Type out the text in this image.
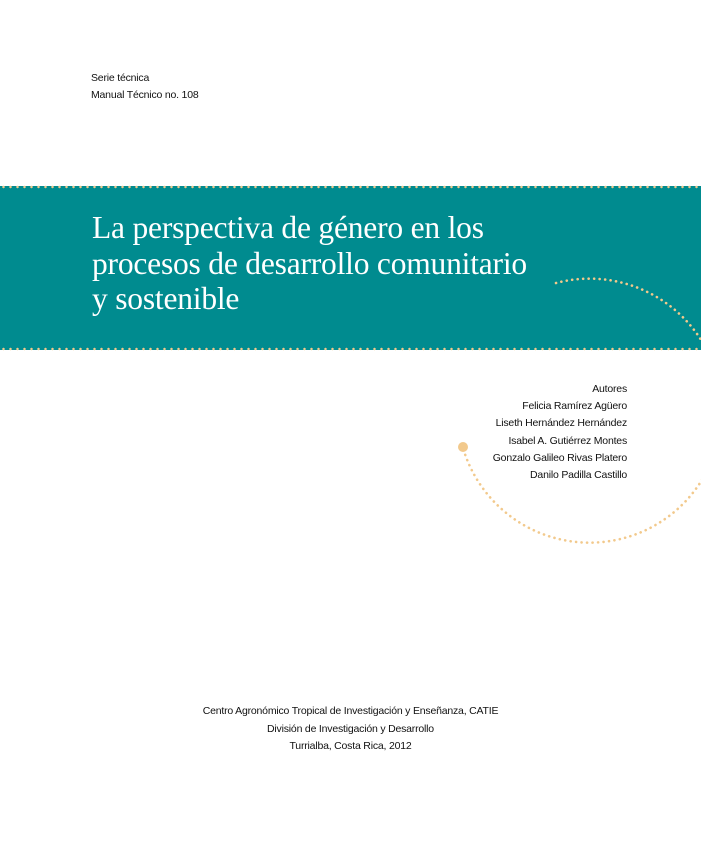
Serie técnica
Manual Técnico no. 108
La perspectiva de género en los
procesos de desarrollo comunitario
y sostenible
Autores
Felicia Ramírez Agüero
Liseth Hernández Hernández
Isabel A. Gutiérrez Montes
Gonzalo Galileo Rivas Platero
Danilo Padilla Castillo
Centro Agronómico Tropical de Investigación y Enseñanza, CATIE
División de Investigación y Desarrollo
Turrialba, Costa Rica, 2012
